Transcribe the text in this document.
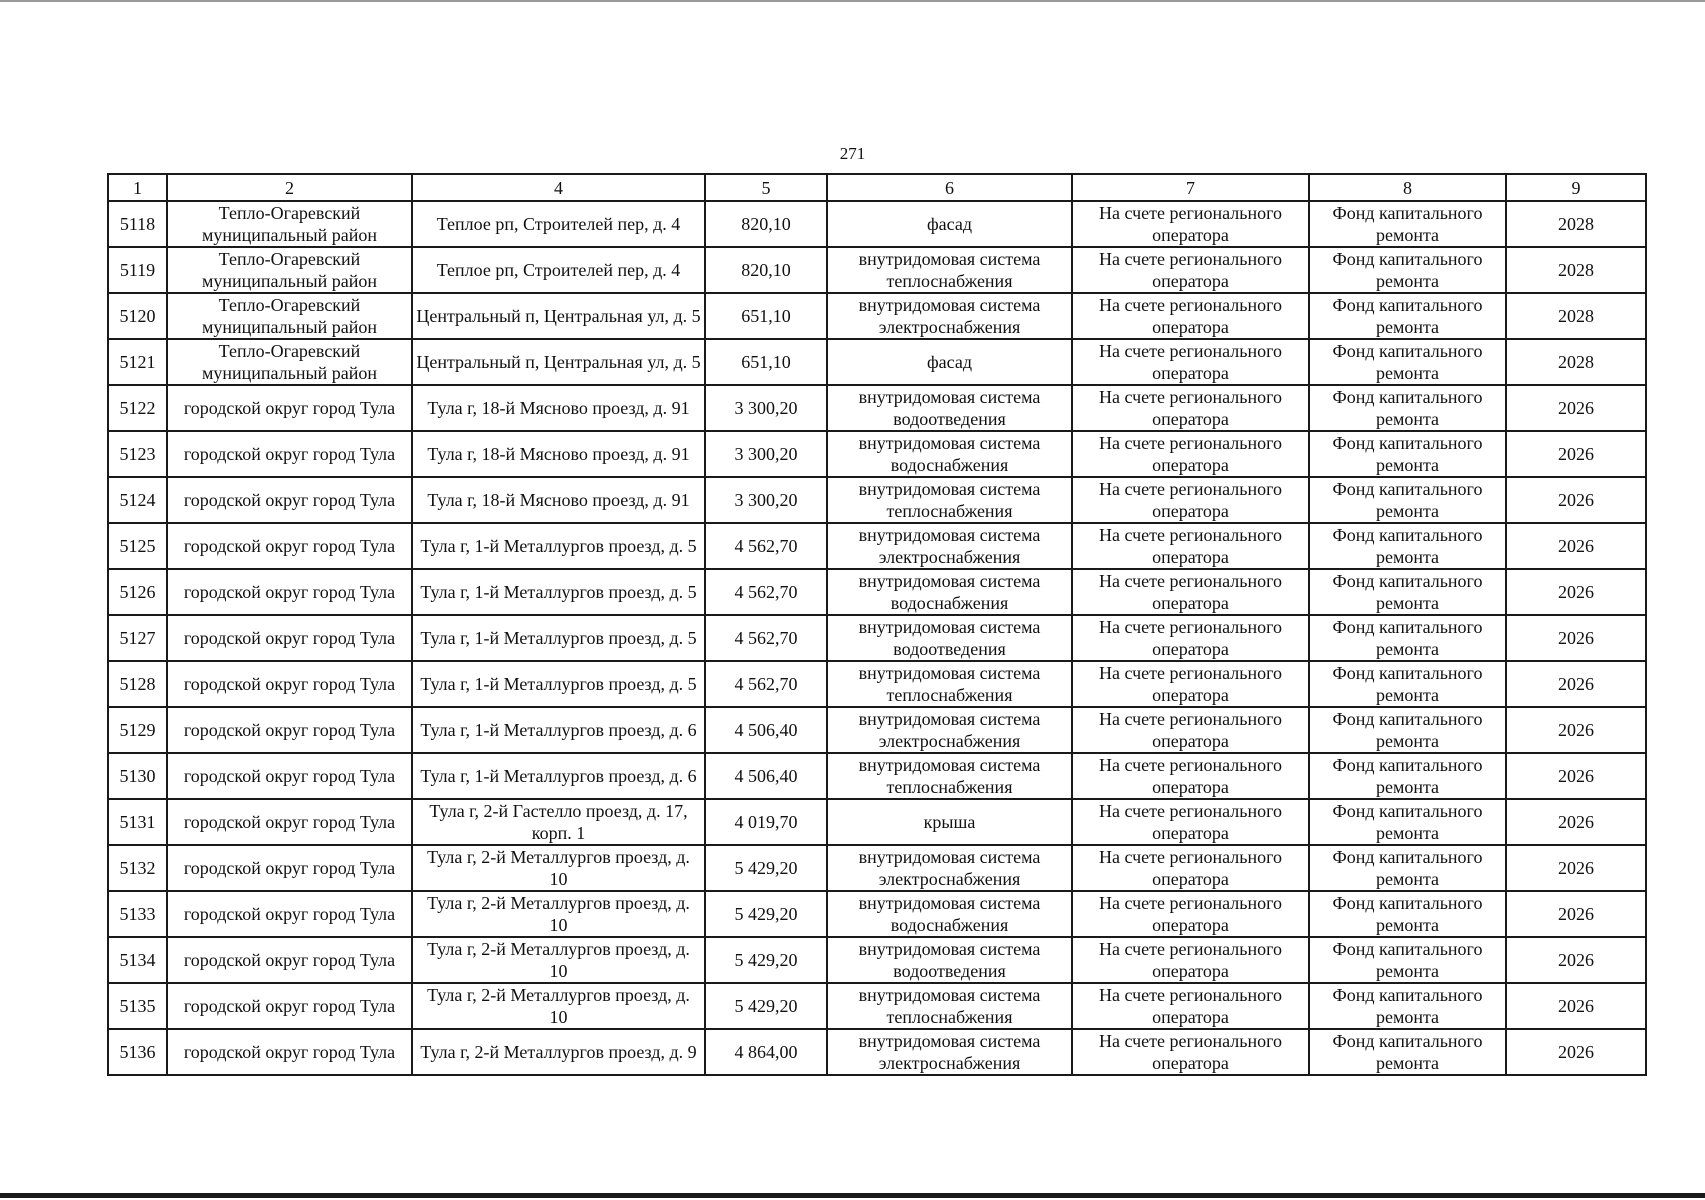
271
1	2	4	5	6	7	8	9
5118	Тепло-Огаревский муниципальный район	Теплое рп, Строителей пер, д. 4	820,10	фасад	На счете регионального оператора	Фонд капитального ремонта	2028
5119	Тепло-Огаревский муниципальный район	Теплое рп, Строителей пер, д. 4	820,10	внутридомовая система теплоснабжения	На счете регионального оператора	Фонд капитального ремонта	2028
5120	Тепло-Огаревский муниципальный район	Центральный п, Центральная ул, д. 5	651,10	внутридомовая система электроснабжения	На счете регионального оператора	Фонд капитального ремонта	2028
5121	Тепло-Огаревский муниципальный район	Центральный п, Центральная ул, д. 5	651,10	фасад	На счете регионального оператора	Фонд капитального ремонта	2028
5122	городской округ город Тула	Тула г, 18-й Мясново проезд, д. 91	3 300,20	внутридомовая система водоотведения	На счете регионального оператора	Фонд капитального ремонта	2026
5123	городской округ город Тула	Тула г, 18-й Мясново проезд, д. 91	3 300,20	внутридомовая система водоснабжения	На счете регионального оператора	Фонд капитального ремонта	2026
5124	городской округ город Тула	Тула г, 18-й Мясново проезд, д. 91	3 300,20	внутридомовая система теплоснабжения	На счете регионального оператора	Фонд капитального ремонта	2026
5125	городской округ город Тула	Тула г, 1-й Металлургов проезд, д. 5	4 562,70	внутридомовая система электроснабжения	На счете регионального оператора	Фонд капитального ремонта	2026
5126	городской округ город Тула	Тула г, 1-й Металлургов проезд, д. 5	4 562,70	внутридомовая система водоснабжения	На счете регионального оператора	Фонд капитального ремонта	2026
5127	городской округ город Тула	Тула г, 1-й Металлургов проезд, д. 5	4 562,70	внутридомовая система водоотведения	На счете регионального оператора	Фонд капитального ремонта	2026
5128	городской округ город Тула	Тула г, 1-й Металлургов проезд, д. 5	4 562,70	внутридомовая система теплоснабжения	На счете регионального оператора	Фонд капитального ремонта	2026
5129	городской округ город Тула	Тула г, 1-й Металлургов проезд, д. 6	4 506,40	внутридомовая система электроснабжения	На счете регионального оператора	Фонд капитального ремонта	2026
5130	городской округ город Тула	Тула г, 1-й Металлургов проезд, д. 6	4 506,40	внутридомовая система теплоснабжения	На счете регионального оператора	Фонд капитального ремонта	2026
5131	городской округ город Тула	Тула г, 2-й Гастелло проезд, д. 17, корп. 1	4 019,70	крыша	На счете регионального оператора	Фонд капитального ремонта	2026
5132	городской округ город Тула	Тула г, 2-й Металлургов проезд, д. 10	5 429,20	внутридомовая система электроснабжения	На счете регионального оператора	Фонд капитального ремонта	2026
5133	городской округ город Тула	Тула г, 2-й Металлургов проезд, д. 10	5 429,20	внутридомовая система водоснабжения	На счете регионального оператора	Фонд капитального ремонта	2026
5134	городской округ город Тула	Тула г, 2-й Металлургов проезд, д. 10	5 429,20	внутридомовая система водоотведения	На счете регионального оператора	Фонд капитального ремонта	2026
5135	городской округ город Тула	Тула г, 2-й Металлургов проезд, д. 10	5 429,20	внутридомовая система теплоснабжения	На счете регионального оператора	Фонд капитального ремонта	2026
5136	городской округ город Тула	Тула г, 2-й Металлургов проезд, д. 9	4 864,00	внутридомовая система электроснабжения	На счете регионального оператора	Фонд капитального ремонта	2026
